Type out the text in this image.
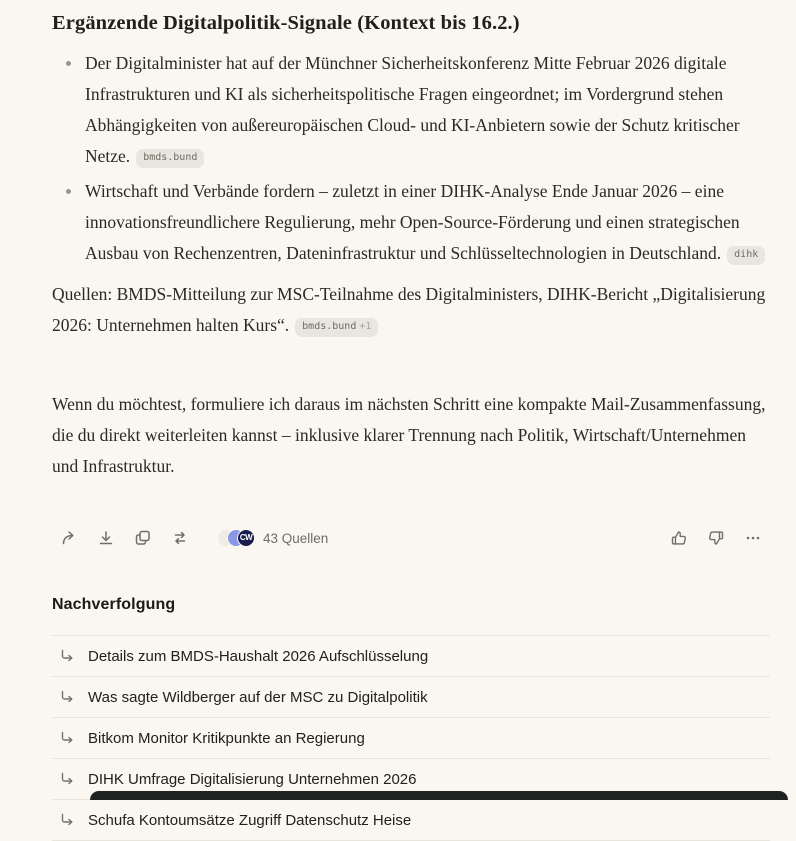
Ergänzende Digitalpolitik-Signale (Kontext bis 16.2.)
Der Digitalminister hat auf der Münchner Sicherheitskonferenz Mitte Februar 2026 digitale Infrastrukturen und KI als sicherheitspolitische Fragen eingeordnet; im Vordergrund stehen Abhängigkeiten von außereuropäischen Cloud- und KI-Anbietern sowie der Schutz kritischer Netze. bmds.bund
Wirtschaft und Verbände fordern – zuletzt in einer DIHK-Analyse Ende Januar 2026 – eine innovationsfreundlichere Regulierung, mehr Open-Source-Förderung und einen strategischen Ausbau von Rechenzentren, Dateninfrastruktur und Schlüsseltechnologien in Deutschland. dihk

Quellen: BMDS-Mitteilung zur MSC-Teilnahme des Digitalministers, DIHK-Bericht „Digitalisierung 2026: Unternehmen halten Kurs“. bmds.bund +1

Wenn du möchtest, formuliere ich daraus im nächsten Schritt eine kompakte Mail-Zusammenfassung, die du direkt weiterleiten kannst – inklusive klarer Trennung nach Politik, Wirtschaft/Unternehmen und Infrastruktur.

CW 43 Quellen
Nachverfolgung
Details zum BMDS-Haushalt 2026 Aufschlüsselung
Was sagte Wildberger auf der MSC zu Digitalpolitik
Bitkom Monitor Kritikpunkte an Regierung
DIHK Umfrage Digitalisierung Unternehmen 2026
Schufa Kontoumsätze Zugriff Datenschutz Heise
